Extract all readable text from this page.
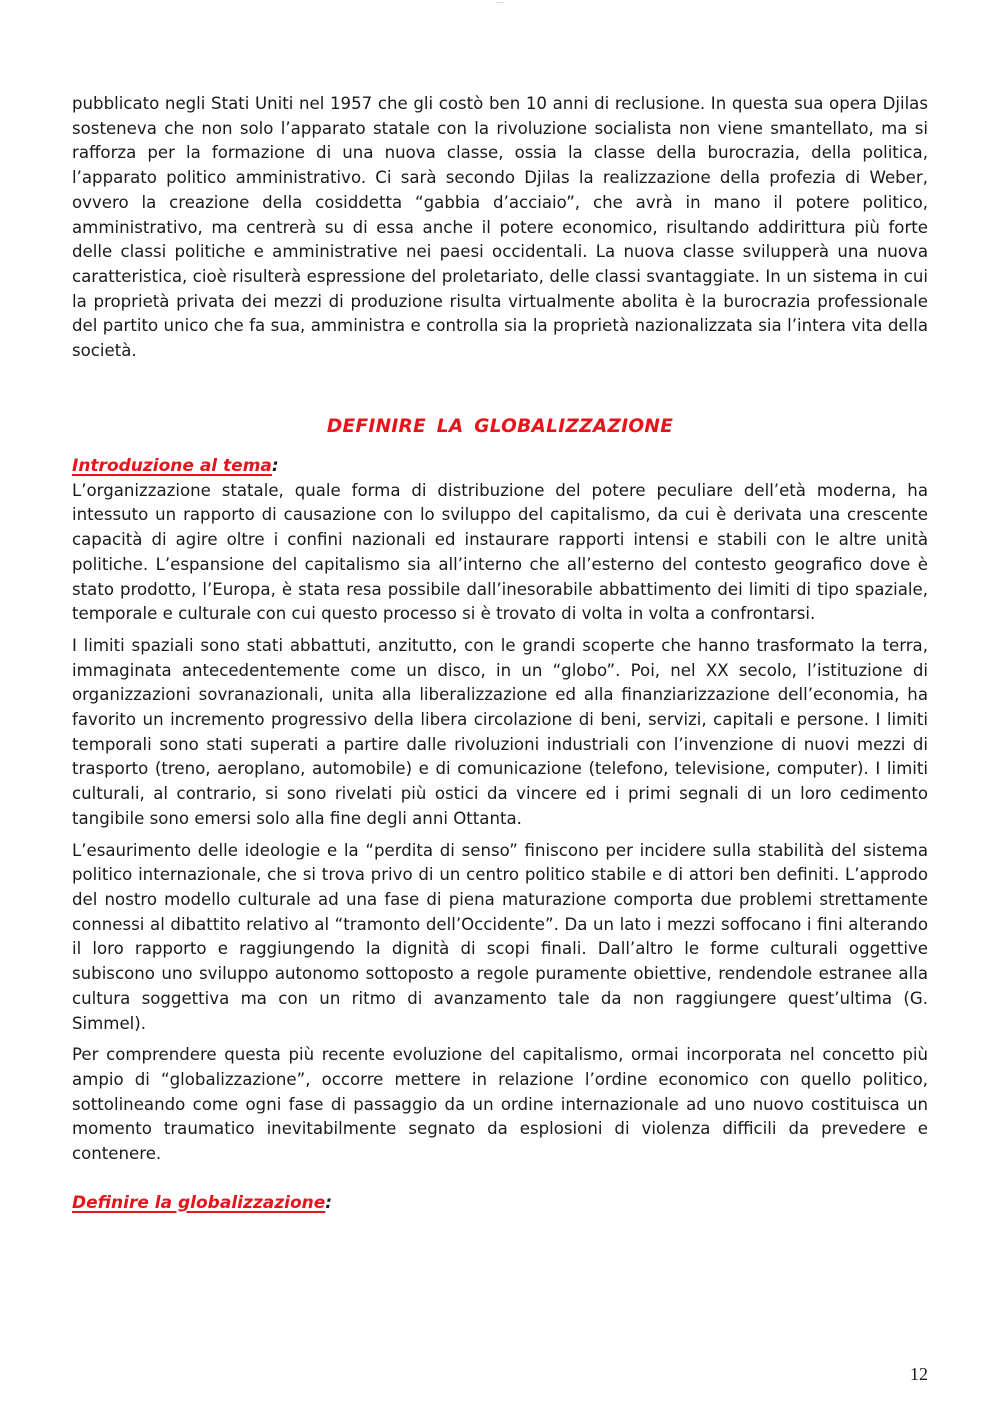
——

pubblicato negli Stati Uniti nel 1957 che gli costò ben 10 anni di reclusione. In questa sua opera Djilas sosteneva che non solo l’apparato statale con la rivoluzione socialista non viene smantellato, ma si rafforza per la formazione di una nuova classe, ossia la classe della burocrazia, della politica, l’apparato politico amministrativo. Ci sarà secondo Djilas la realizzazione della profezia di Weber, ovvero la creazione della cosiddetta “gabbia d’acciaio”, che avrà in mano il potere politico, amministrativo, ma centrerà su di essa anche il potere economico, risultando addirittura più forte delle classi politiche e amministrative nei paesi occidentali. La nuova classe svilupperà una nuova caratteristica, cioè risulterà espressione del proletariato, delle classi svantaggiate. In un sistema in cui la proprietà privata dei mezzi di produzione risulta virtualmente abolita è la burocrazia professionale del partito unico che fa sua, amministra e controlla sia la proprietà nazionalizzata sia l’intera vita della società.

DEFINIRE LA GLOBALIZZAZIONE
Introduzione al tema:

L’organizzazione statale, quale forma di distribuzione del potere peculiare dell’età moderna, ha intessuto un rapporto di causazione con lo sviluppo del capitalismo, da cui è derivata una crescente capacità di agire oltre i confini nazionali ed instaurare rapporti intensi e stabili con le altre unità politiche. L’espansione del capitalismo sia all’interno che all’esterno del contesto geografico dove è stato prodotto, l’Europa, è stata resa possibile dall’inesorabile abbattimento dei limiti di tipo spaziale, temporale e culturale con cui questo processo si è trovato di volta in volta a confrontarsi.

I limiti spaziali sono stati abbattuti, anzitutto, con le grandi scoperte che hanno trasformato la terra, immaginata antecedentemente come un disco, in un “globo”. Poi, nel XX secolo, l’istituzione di organizzazioni sovranazionali, unita alla liberalizzazione ed alla finanziarizzazione dell’economia, ha favorito un incremento progressivo della libera circolazione di beni, servizi, capitali e persone. I limiti temporali sono stati superati a partire dalle rivoluzioni industriali con l’invenzione di nuovi mezzi di trasporto (treno, aeroplano, automobile) e di comunicazione (telefono, televisione, computer). I limiti culturali, al contrario, si sono rivelati più ostici da vincere ed i primi segnali di un loro cedimento tangibile sono emersi solo alla fine degli anni Ottanta.

L’esaurimento delle ideologie e la “perdita di senso” finiscono per incidere sulla stabilità del sistema politico internazionale, che si trova privo di un centro politico stabile e di attori ben definiti. L’approdo del nostro modello culturale ad una fase di piena maturazione comporta due problemi strettamente connessi al dibattito relativo al “tramonto dell’Occidente”. Da un lato i mezzi soffocano i fini alterando il loro rapporto e raggiungendo la dignità di scopi finali. Dall’altro le forme culturali oggettive subiscono uno sviluppo autonomo sottoposto a regole puramente obiettive, rendendole estranee alla cultura soggettiva ma con un ritmo di avanzamento tale da non raggiungere quest’ultima (G. Simmel).

Per comprendere questa più recente evoluzione del capitalismo, ormai incorporata nel concetto più ampio di “globalizzazione”, occorre mettere in relazione l’ordine economico con quello politico, sottolineando come ogni fase di passaggio da un ordine internazionale ad uno nuovo costituisca un momento traumatico inevitabilmente segnato da esplosioni di violenza difficili da prevedere e contenere.

Definire la globalizzazione:
12
